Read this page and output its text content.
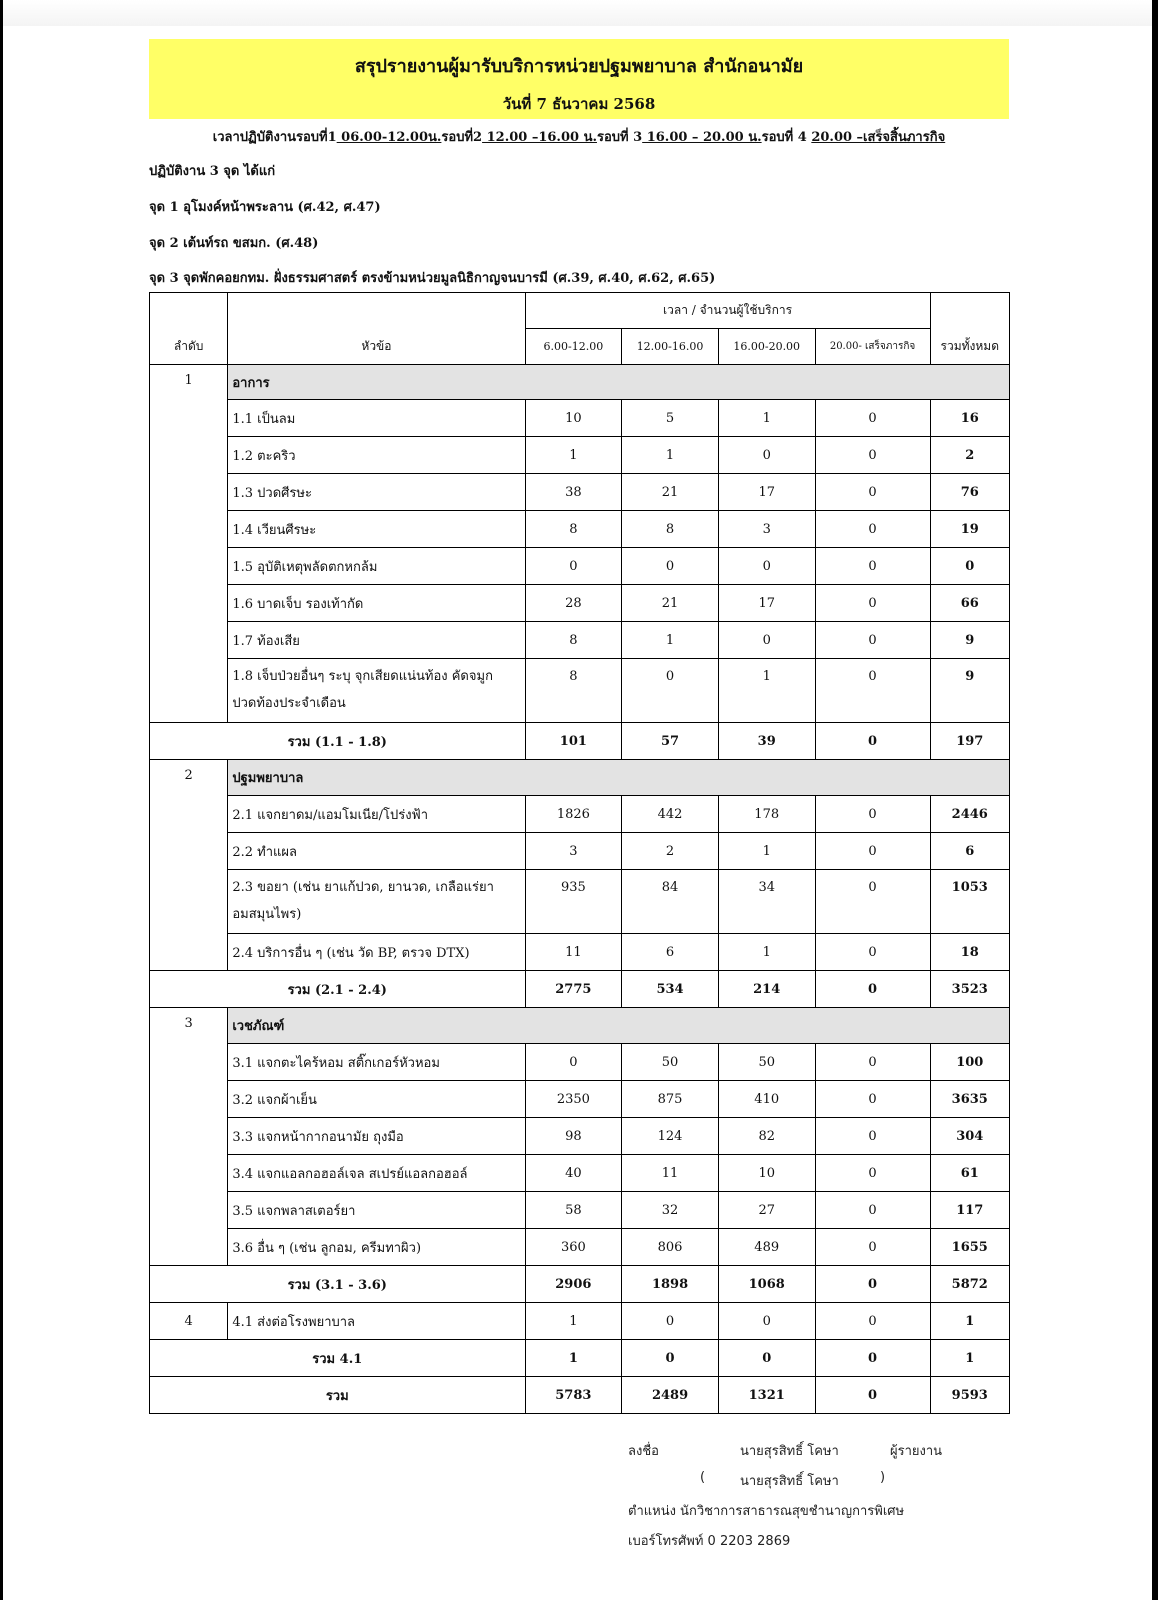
สรุปรายงานผู้มารับบริการหน่วยปฐมพยาบาล สำนักอนามัย
วันที่ 7 ธันวาคม 2568
เวลาปฏิบัติงานรอบที่1 06.00-12.00น.รอบที่2 12.00 –16.00 น.รอบที่ 3 16.00 – 20.00 น.รอบที่ 4 20.00 –เสร็จสิ้นภารกิจ
ปฏิบัติงาน 3 จุด ได้แก่
จุด 1 อุโมงค์หน้าพระลาน (ศ.42, ศ.47)
จุด 2 เต้นท์รถ ขสมก. (ศ.48)
จุด 3 จุดพักคอยกทม. ฝั่งธรรมศาสตร์ ตรงข้ามหน่วยมูลนิธิกาญจนบารมี (ศ.39, ศ.40, ศ.62, ศ.65)
ลำดับ	หัวข้อ	เวลา / จำนวนผู้ใช้บริการ				รวมทั้งหมด
		6.00-12.00	12.00-16.00	16.00-20.00	20.00- เสร็จภารกิจ	
1	อาการ					
	1.1 เป็นลม	10	5	1	0	16
	1.2 ตะคริว	1	1	0	0	2
	1.3 ปวดศีรษะ	38	21	17	0	76
	1.4 เวียนศีรษะ	8	8	3	0	19
	1.5 อุบัติเหตุพลัดตกหกล้ม	0	0	0	0	0
	1.6 บาดเจ็บ รองเท้ากัด	28	21	17	0	66
	1.7 ท้องเสีย	8	1	0	0	9
	1.8 เจ็บป่วยอื่นๆ ระบุ จุกเสียดแน่นท้อง คัดจมูก
ปวดท้องประจำเดือน	8	0	1	0	9
รวม (1.1 - 1.8)		101	57	39	0	197
2	ปฐมพยาบาล					
	2.1 แจกยาดม/แอมโมเนีย/โปร่งฟ้า	1826	442	178	0	2446
	2.2 ทำแผล	3	2	1	0	6
	2.3 ขอยา (เช่น ยาแก้ปวด, ยานวด, เกลือแร่ยา
อมสมุนไพร)	935	84	34	0	1053
	2.4 บริการอื่น ๆ (เช่น วัด BP, ตรวจ DTX)	11	6	1	0	18
รวม (2.1 - 2.4)		2775	534	214	0	3523
3	เวชภัณฑ์					
	3.1 แจกตะไคร้หอม สติ๊กเกอร์หัวหอม	0	50	50	0	100
	3.2 แจกผ้าเย็น	2350	875	410	0	3635
	3.3 แจกหน้ากากอนามัย ถุงมือ	98	124	82	0	304
	3.4 แจกแอลกอฮอล์เจล สเปรย์แอลกอฮอล์	40	11	10	0	61
	3.5 แจกพลาสเตอร์ยา	58	32	27	0	117
	3.6 อื่น ๆ (เช่น ลูกอม, ครีมทาผิว)	360	806	489	0	1655
รวม (3.1 - 3.6)		2906	1898	1068	0	5872
4	4.1 ส่งต่อโรงพยาบาล	1	0	0	0	1
รวม 4.1		1	0	0	0	1
รวม		5783	2489	1321	0	9593
ลงชื่อ	นายสุรสิทธิ์ โคษา	ผู้รายงาน
(	นายสุรสิทธิ์ โคษา	)
ตำแหน่ง นักวิชาการสาธารณสุขชำนาญการพิเศษ
เบอร์โทรศัพท์ 0 2203 2869
